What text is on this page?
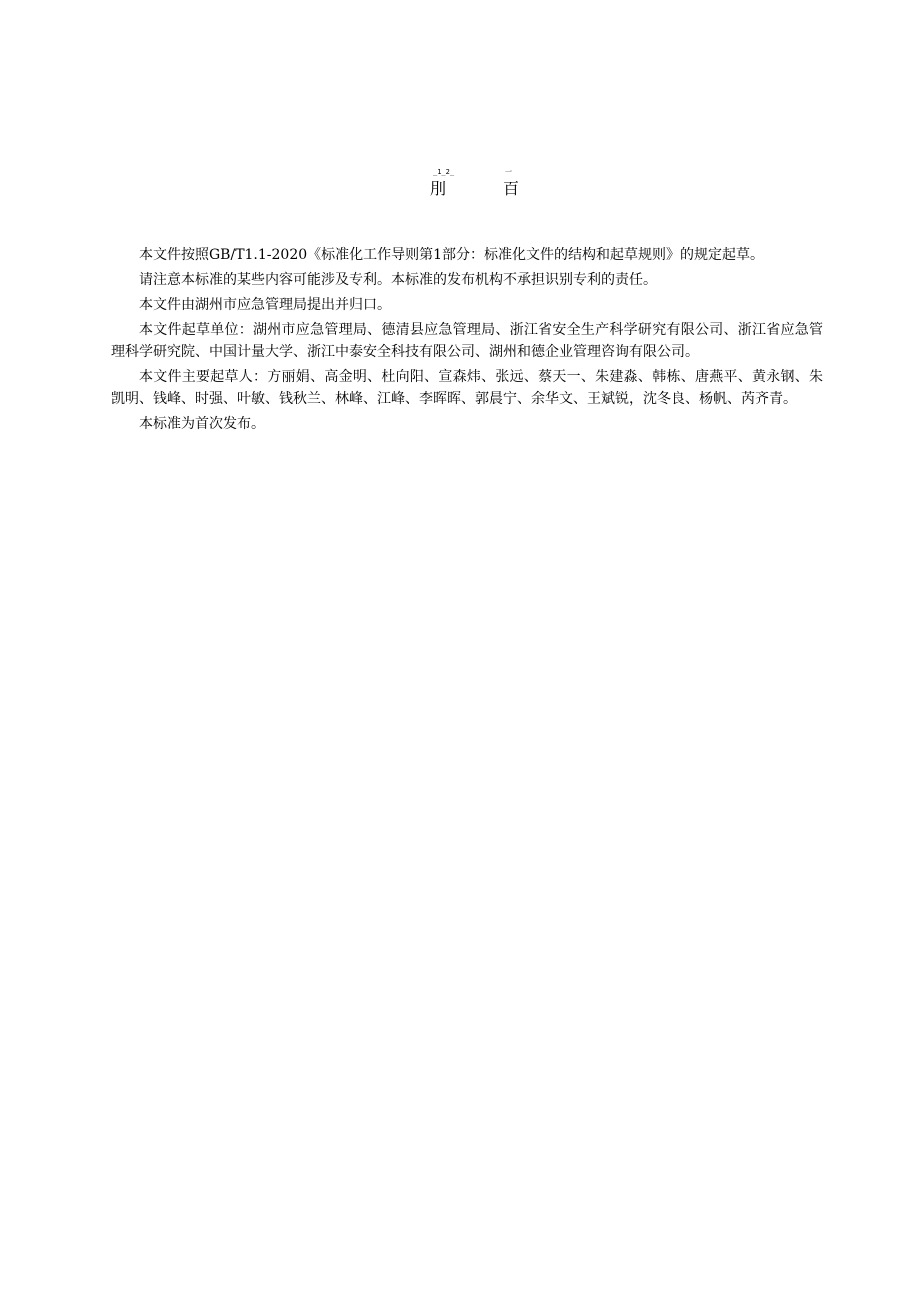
_1_2_	一
刖	百

本文件按照GB/T1.1-2020《标准化工作导则第1部分：标准化文件的结构和起草规则》的规定起草。

请注意本标准的某些内容可能涉及专利。本标准的发布机构不承担识别专利的责任。

本文件由湖州市应急管理局提出并归口。

本文件起草单位：湖州市应急管理局、德清县应急管理局、浙江省安全生产科学研究有限公司、浙江省应急管理科学研究院、中国计量大学、浙江中泰安全科技有限公司、湖州和德企业管理咨询有限公司。

本文件主要起草人：方丽娟、高金明、杜向阳、宣森炜、张远、蔡天一、朱建淼、韩栋、唐燕平、黄永钢、朱凯明、钱峰、时强、叶敏、钱秋兰、林峰、江峰、李晖晖、郭晨宁、余华文、王斌锐，沈冬良、杨帆、芮齐青。

本标准为首次发布。
